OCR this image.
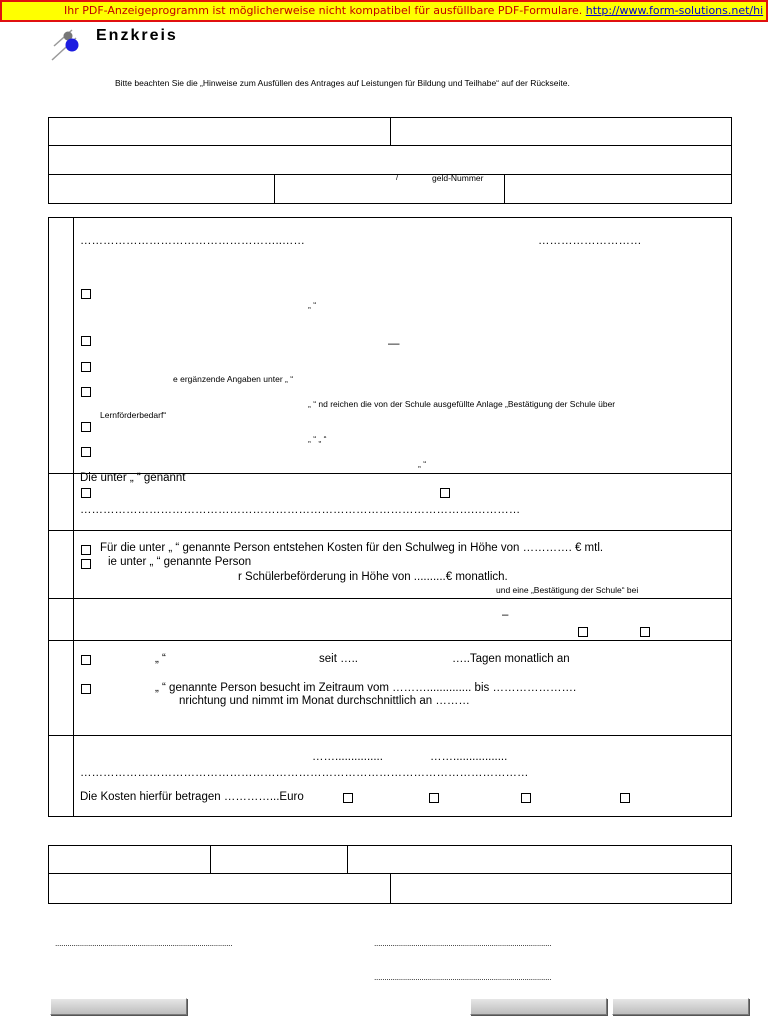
Ihr PDF-Anzeigeprogramm ist möglicherweise nicht kompatibel für ausfüllbare PDF-Formulare. http://www.form-solutions.net/hi
Enzkreis
Bitte beachten Sie die „Hinweise zum Ausfüllen des Antrages auf Leistungen für Bildung und Teilhabe“ auf der Rückseite.
/	geld-Nummer
……………………………………………..……	………………………
„ “
—
e ergänzende Angaben unter „ “
„ “ nd reichen die von der Schule ausgefüllte Anlage „Bestätigung der Schule über
Lernförderbedarf“
„ “ „ “
„ “
Die unter „ “ genannt
………………………………………………………………………………………….…………
Für die unter „ “ genannte Person entstehen Kosten für den Schulweg in Höhe von …………. € mtl.
ie unter „ “ genannte Person
r Schülerbeförderung in Höhe von ..........€ monatlich.
und eine „Bestätigung der Schule“ bei
–
„ “	seit …..	…..Tagen monatlich an
„ “ genannte Person besucht im Zeitraum vom ……….............. bis ………………….
nrichtung und nimmt im Monat durchschnittlich an ………
……...............	…….................
………………………………………………………………………………………………………
Die Kosten hierfür betragen …………...Euro
......................................................................................	......................................................................................
......................................................................................
